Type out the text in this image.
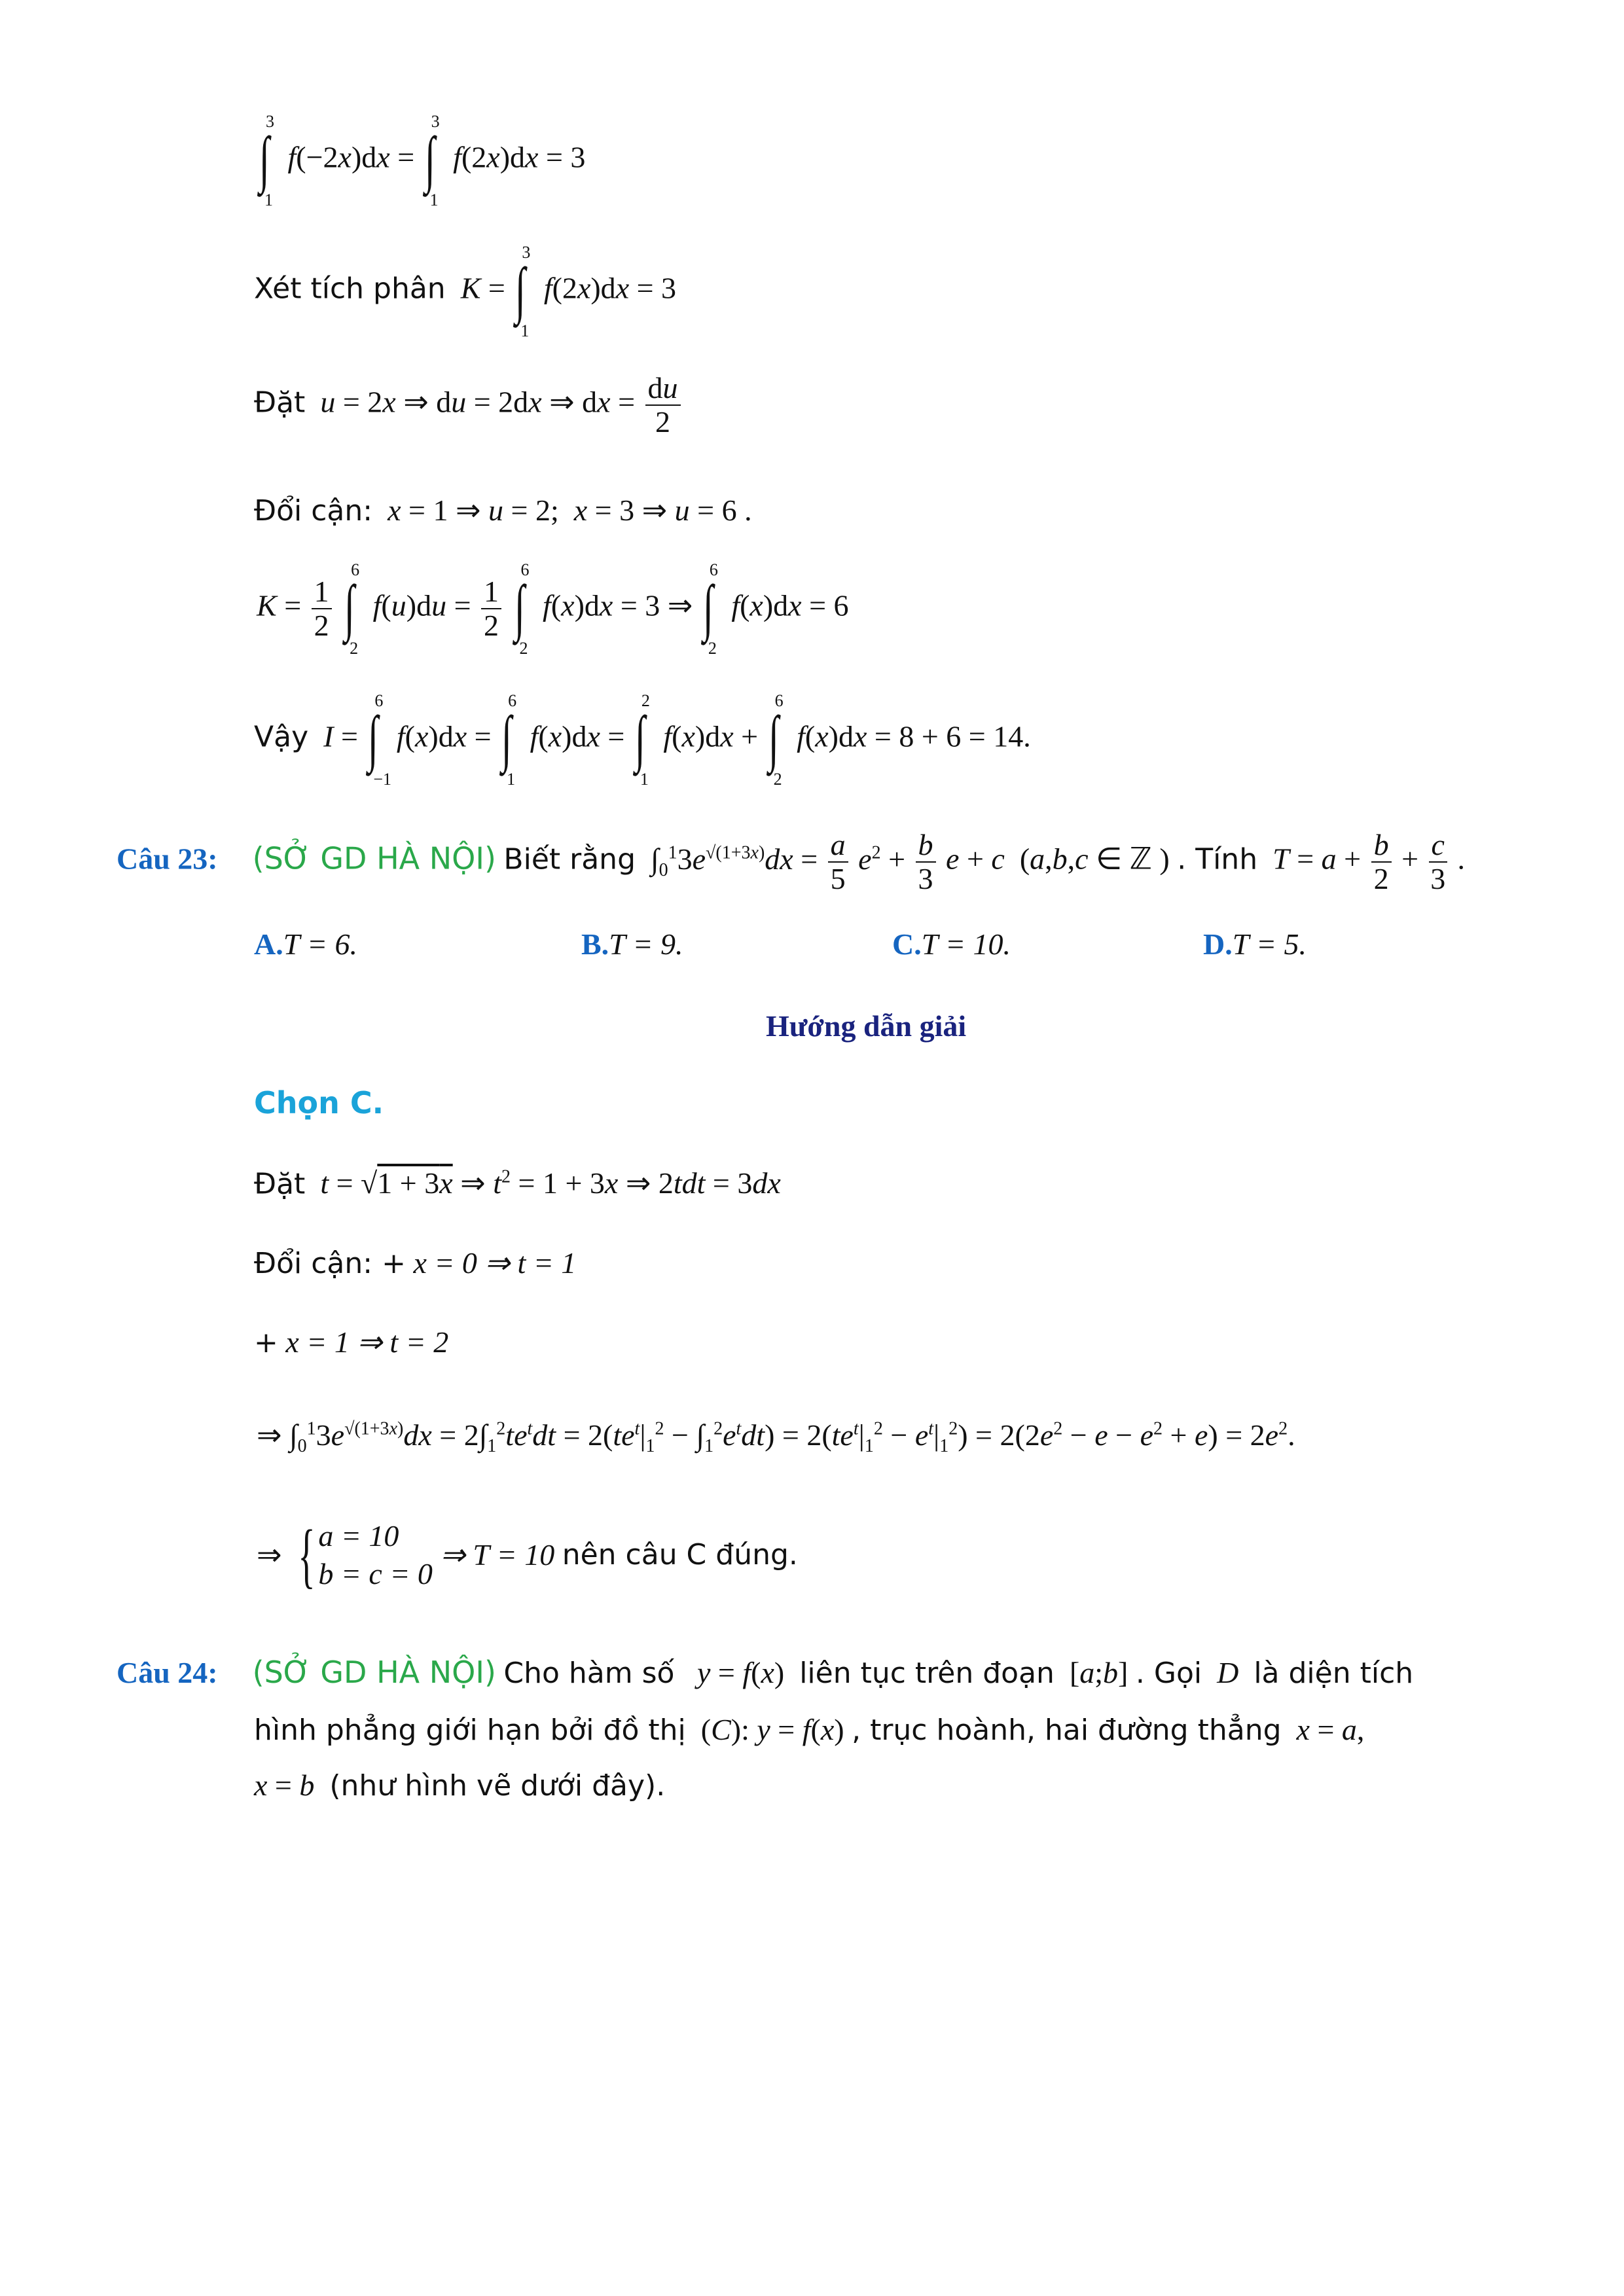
∫
3
1
f(−2x)dx = ∫
3
1
f(2x)dx = 3
Xét tích phân K = ∫
3
1
f(2x)dx = 3
Đặt u = 2x ⇒ du = 2dx ⇒ dx = $\frac{du}{2}$
Đổi cận: x = 1 ⇒ u = 2;  x = 3 ⇒ u = 6 .
$K = \frac{1}{2}$
∫
6
2
$f(u)du = \frac{1}{2}$
∫
6
2
f(x)dx = 3 ⇒ ∫
6
2
f(x)dx = 6
Vậy I = ∫
6
−1
f(x)dx = ∫
6
1
f(x)dx = ∫
2
1
f(x)dx + ∫
6
2
f(x)dx = 8 + 6 = 14.
Câu 23: (SỞ GD HÀ NỘI) Biết rằng  $\int_0^13e^{√(1+3x)}dx = \frac{a}{5} e^2 + \frac{b}{3}$ e + c  (a,b,c ∈ ℤ ) . Tính $T = a + \frac{b}{2} + \frac{c}{3}$ .
A.T = 6.	B.T = 9.	C.T = 10.	D.T = 5.
Hướng dẫn giải
Chọn C.
Đặt t = √1 + 3x ⇒ $t^2 = 1 + 3x$ ⇒ 2tdt = 3dx
Đổi cận: + x = 0 ⇒ t = 1
+ x = 1 ⇒ t = 2
⇒ $\int_0^13e^{√(1+3x)}dx = 2\int_1^2te^tdt = 2(te^t|_1^2 - \int_1^2e^tdt) = 2(te^t|_1^2 - e^t|_1^2) = 2(2e^2 - e - e^2 + e) = 2e^2$.
⇒ { a = 10
b = c = 0
⇒ T = 10 nên câu C đúng.
Câu 24: (SỞ GD HÀ NỘI) Cho hàm số y = f(x)  liên tục trên đoạn  [a;b] . Gọi D là diện tích
hình phẳng giới hạn bởi đồ thị  (C): y = f(x) , trục hoành, hai đường thẳng x = a,
x = b (như hình vẽ dưới đây).
